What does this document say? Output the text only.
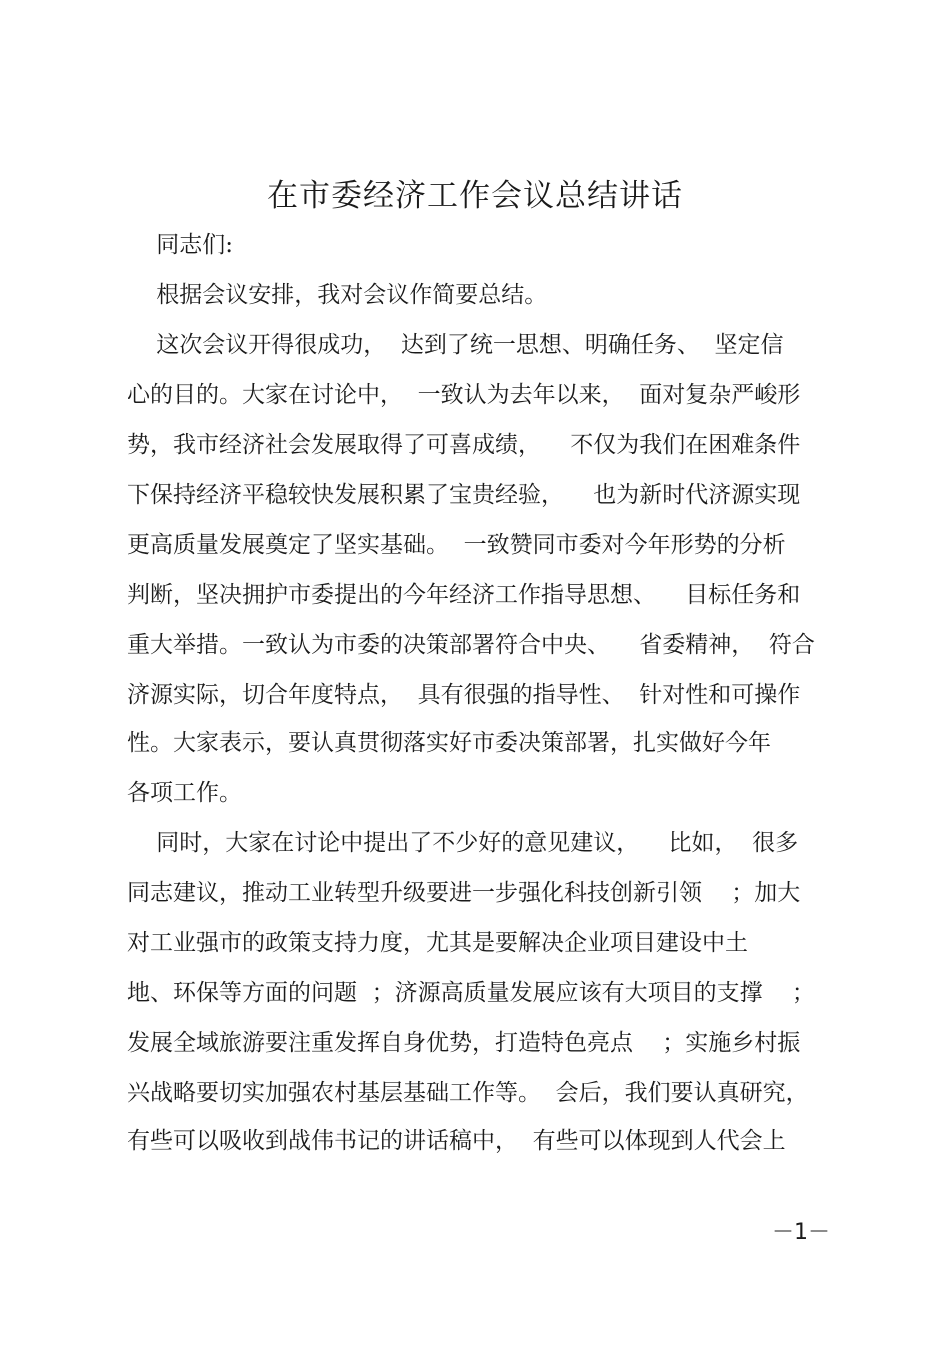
在市委经济工作会议总结讲话

同志们:

根据会议安排，我对会议作简要总结。

这次会议开得很成功，  达到了统一思想、明确任务、  坚定信

心的目的。大家在讨论中，  一致认为去年以来，  面对复杂严峻形

势，我市经济社会发展取得了可喜成绩，    不仅为我们在困难条件

下保持经济平稳较快发展积累了宝贵经验，    也为新时代济源实现

更高质量发展奠定了坚实基础。  一致赞同市委对今年形势的分析

判断，坚决拥护市委提出的今年经济工作指导思想、    目标任务和

重大举措。一致认为市委的决策部署符合中央、    省委精神，  符合

济源实际，切合年度特点，  具有很强的指导性、  针对性和可操作

性。大家表示，要认真贯彻落实好市委决策部署，扎实做好今年

各项工作。

同时，大家在讨论中提出了不少好的意见建议，    比如，  很多

同志建议，推动工业转型升级要进一步强化科技创新引领    ；加大

对工业强市的政策支持力度，尤其是要解决企业项目建设中土

地、环保等方面的问题  ；济源高质量发展应该有大项目的支撑    ；

发展全域旅游要注重发挥自身优势，打造特色亮点    ；实施乡村振

兴战略要切实加强农村基层基础工作等。  会后，我们要认真研究，

有些可以吸收到战伟书记的讲话稿中，  有些可以体现到人代会上

－1－
